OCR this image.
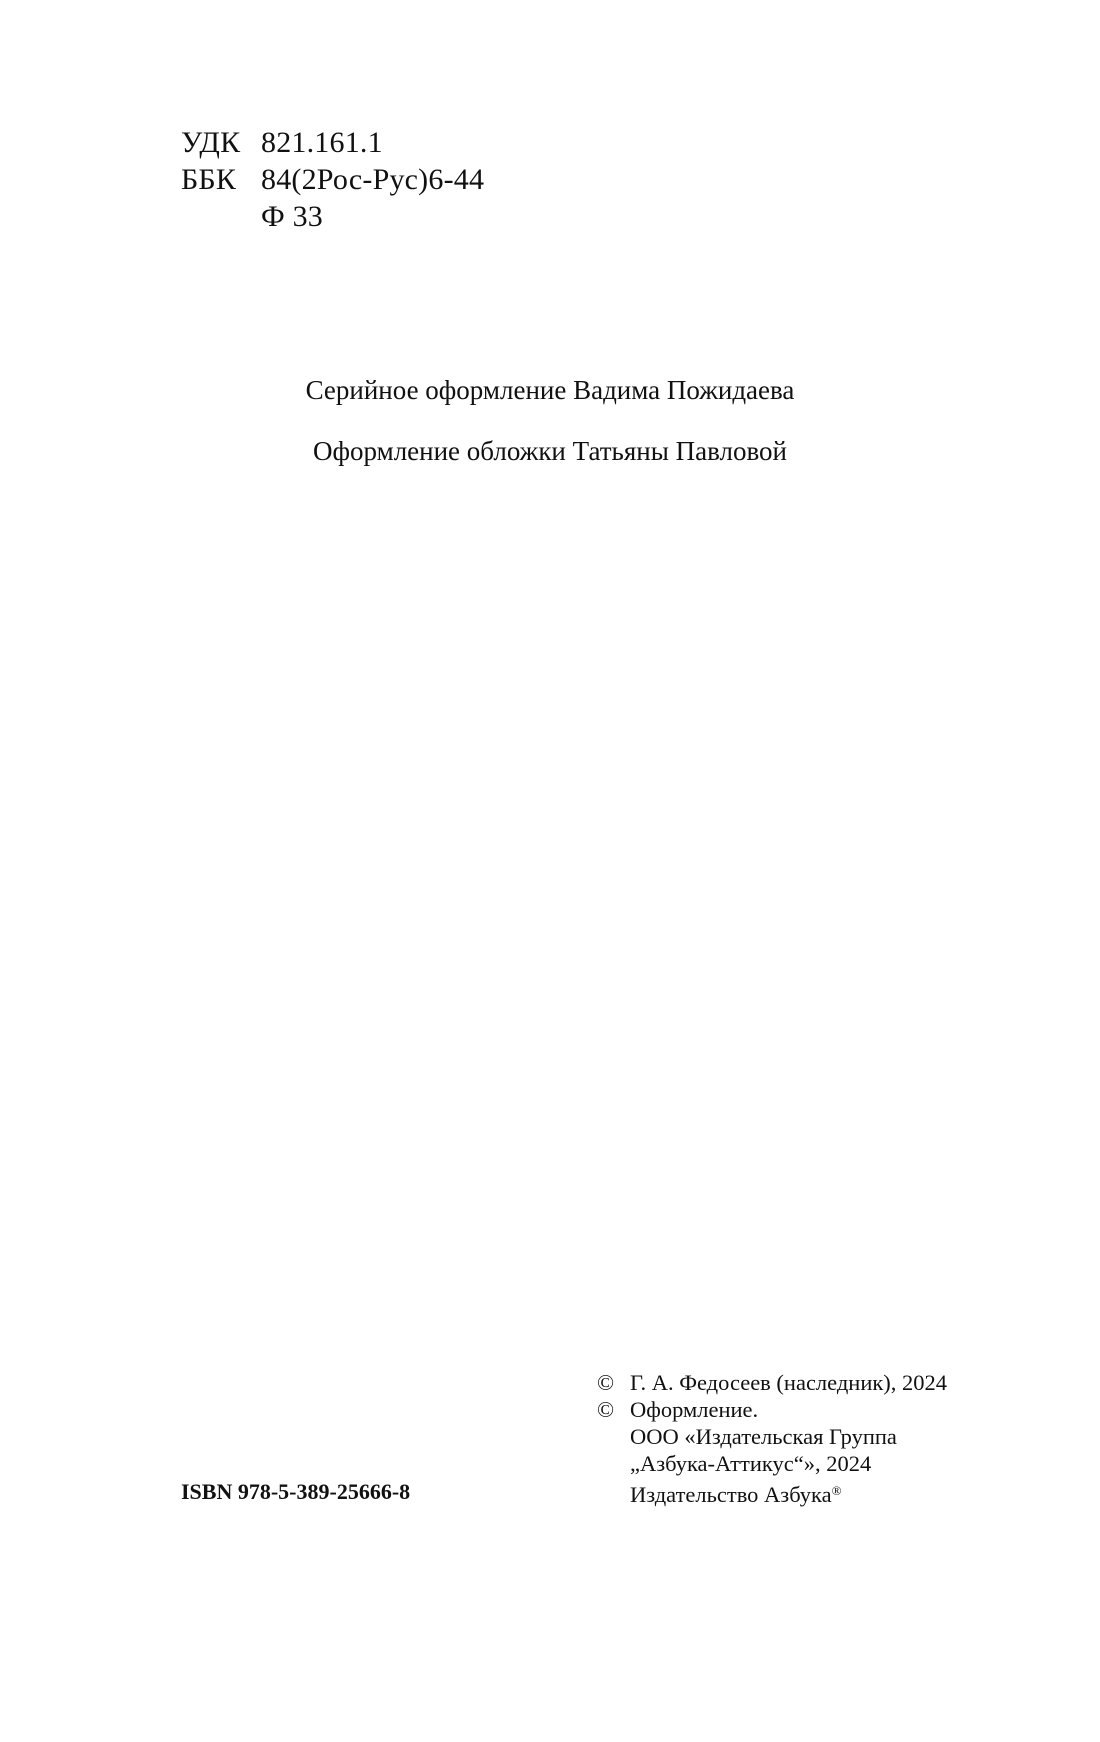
УДК 821.161.1
ББК 84(2Рос-Рус)6-44
Ф 33
Серийное оформление Вадима Пожидаева
Оформление обложки Татьяны Павловой
ISBN 978-5-389-25666-8
© Г. А. Федосеев (наследник), 2024
© Оформление.
ООО «Издательская Группа
„Азбука-Аттикус“», 2024
Издательство Азбука®
